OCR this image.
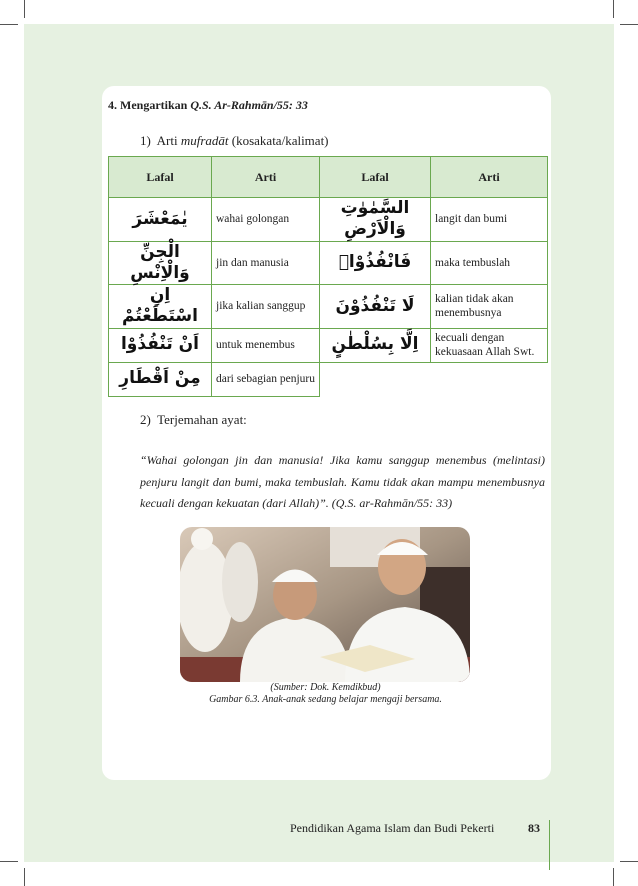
4. Mengartikan Q.S. Ar-Rahmān/55: 33
1) Arti mufradāt (kosakata/kalimat)
Lafal	Arti	Lafal	Arti
يٰمَعْشَرَ	wahai golongan	السَّمٰوٰتِ وَالْاَرْضِ	langit dan bumi
الْجِنِّ وَالْاِنْسِ	jin dan manusia	فَانْفُذُوْاۗ	maka tembuslah
اِنِ اسْتَطَعْتُمْ	jika kalian sanggup	لَا تَنْفُذُوْنَ	kalian tidak akan menembusnya
اَنْ تَنْفُذُوْا	untuk menembus	اِلَّا بِسُلْطٰنٍ	kecuali dengan kekuasaan Allah Swt.
مِنْ اَقْطَارِ	dari sebagian penjuru		
2) Terjemahan ayat:
“Wahai golongan jin dan manusia! Jika kamu sanggup menembus (melintasi) penjuru langit dan bumi, maka tembuslah. Kamu tidak akan mampu menembusnya kecuali dengan kekuatan (dari Allah)”. (Q.S. ar-Rahmān/55: 33)
(Sumber: Dok. Kemdikbud)
Gambar 6.3. Anak-anak sedang belajar mengaji bersama.
Pendidikan Agama Islam dan Budi Pekerti	83
